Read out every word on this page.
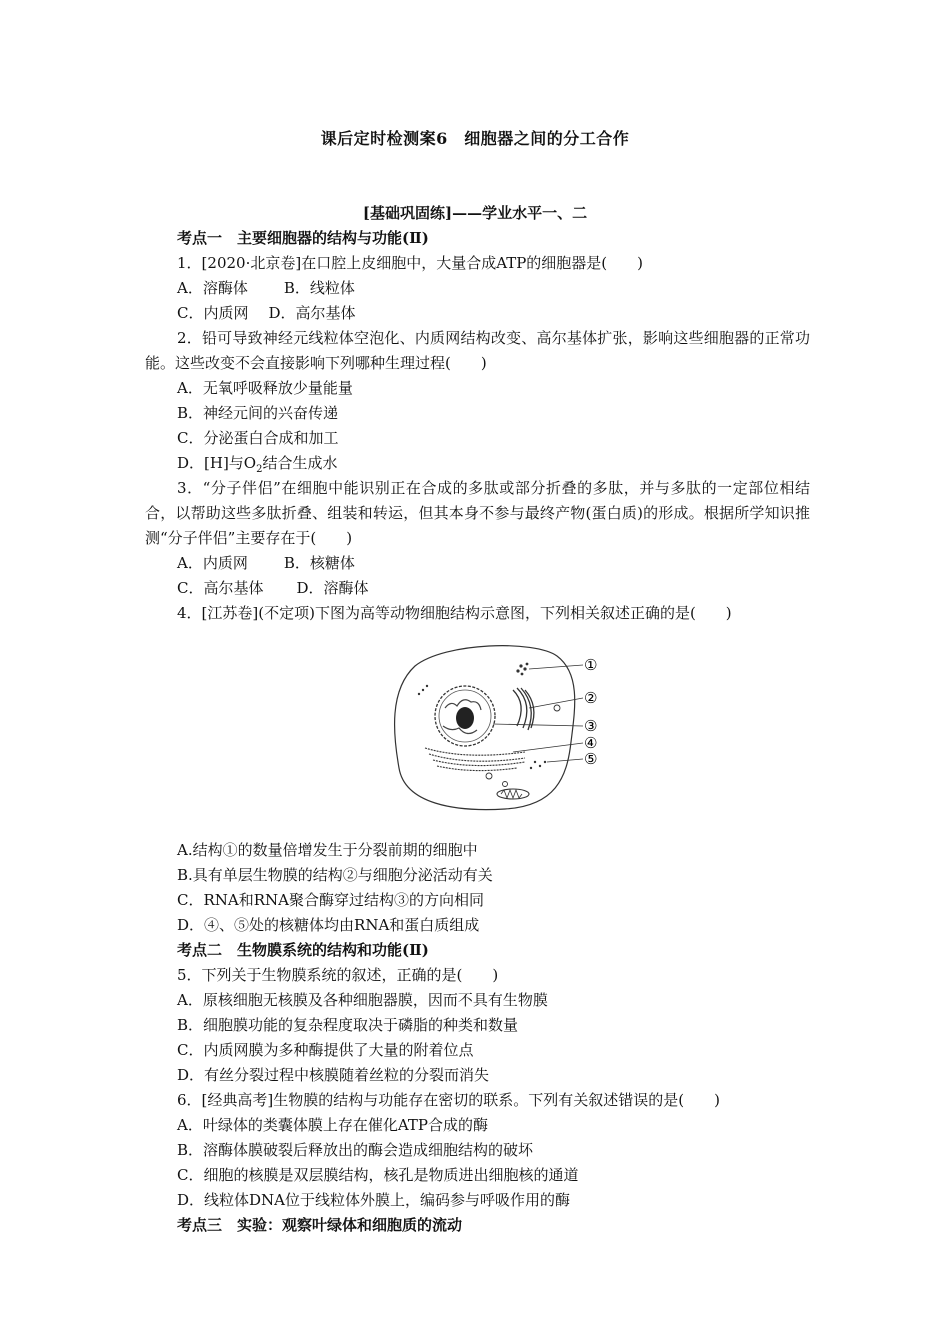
课后定时检测案6　细胞器之间的分工合作
[基础巩固练]——学业水平一、二
考点一　主要细胞器的结构与功能(Ⅱ)
1．[2020·北京卷]在口腔上皮细胞中，大量合成ATP的细胞器是(　　)
A．溶酶体 B．线粒体
C．内质网 D．高尔基体
2．铅可导致神经元线粒体空泡化、内质网结构改变、高尔基体扩张，影响这些细胞器的正常功能。这些改变不会直接影响下列哪种生理过程(　　)
A．无氧呼吸释放少量能量
B．神经元间的兴奋传递
C．分泌蛋白合成和加工
D．[H]与$O_2$结合生成水
3．“分子伴侣”在细胞中能识别正在合成的多肽或部分折叠的多肽，并与多肽的一定部位相结合，以帮助这些多肽折叠、组装和转运，但其本身不参与最终产物(蛋白质)的形成。根据所学知识推测“分子伴侣”主要存在于(　　)
A．内质网 B．核糖体
C．高尔基体 D．溶酶体
4．[江苏卷](不定项)下图为高等动物细胞结构示意图，下列相关叙述正确的是(　　)
①
②
③
④
⑤
A.结构①的数量倍增发生于分裂前期的细胞中
B.具有单层生物膜的结构②与细胞分泌活动有关
C．RNA和RNA聚合酶穿过结构③的方向相同
D．④、⑤处的核糖体均由RNA和蛋白质组成
考点二　生物膜系统的结构和功能(Ⅱ)
5．下列关于生物膜系统的叙述，正确的是(　　)
A．原核细胞无核膜及各种细胞器膜，因而不具有生物膜
B．细胞膜功能的复杂程度取决于磷脂的种类和数量
C．内质网膜为多种酶提供了大量的附着位点
D．有丝分裂过程中核膜随着丝粒的分裂而消失
6．[经典高考]生物膜的结构与功能存在密切的联系。下列有关叙述错误的是(　　)
A．叶绿体的类囊体膜上存在催化ATP合成的酶
B．溶酶体膜破裂后释放出的酶会造成细胞结构的破坏
C．细胞的核膜是双层膜结构，核孔是物质进出细胞核的通道
D．线粒体DNA位于线粒体外膜上，编码参与呼吸作用的酶
考点三　实验：观察叶绿体和细胞质的流动
